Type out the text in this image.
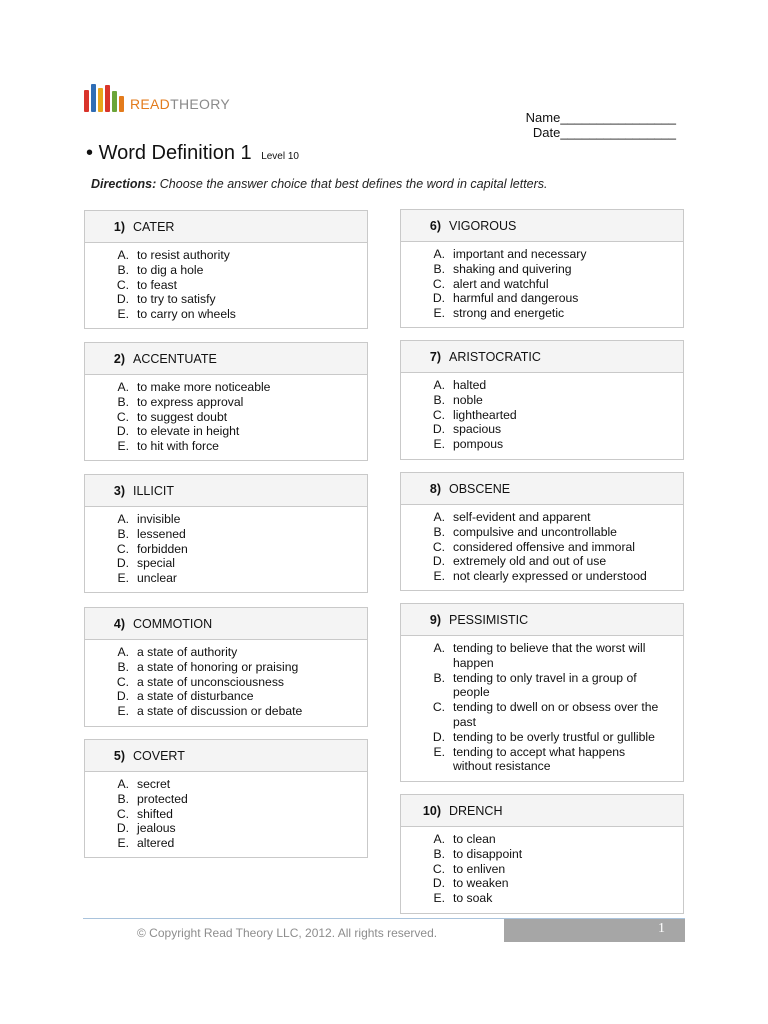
READTHEORY
Name________________
Date________________
• Word Definition 1 Level 10
Directions: Choose the answer choice that best defines the word in capital letters.
1) CATER
A. to resist authority
B. to dig a hole
C. to feast
D. to try to satisfy
E. to carry on wheels
2) ACCENTUATE
A. to make more noticeable
B. to express approval
C. to suggest doubt
D. to elevate in height
E. to hit with force
3) ILLICIT
A. invisible
B. lessened
C. forbidden
D. special
E. unclear
4) COMMOTION
A. a state of authority
B. a state of honoring or praising
C. a state of unconsciousness
D. a state of disturbance
E. a state of discussion or debate
5) COVERT
A. secret
B. protected
C. shifted
D. jealous
E. altered
6) VIGOROUS
A. important and necessary
B. shaking and quivering
C. alert and watchful
D. harmful and dangerous
E. strong and energetic
7) ARISTOCRATIC
A. halted
B. noble
C. lighthearted
D. spacious
E. pompous
8) OBSCENE
A. self-evident and apparent
B. compulsive and uncontrollable
C. considered offensive and immoral
D. extremely old and out of use
E. not clearly expressed or understood
9) PESSIMISTIC
A. tending to believe that the worst will happen
B. tending to only travel in a group of people
C. tending to dwell on or obsess over the past
D. tending to be overly trustful or gullible
E. tending to accept what happens without resistance
10) DRENCH
A. to clean
B. to disappoint
C. to enliven
D. to weaken
E. to soak
© Copyright Read Theory LLC, 2012. All rights reserved.	1
